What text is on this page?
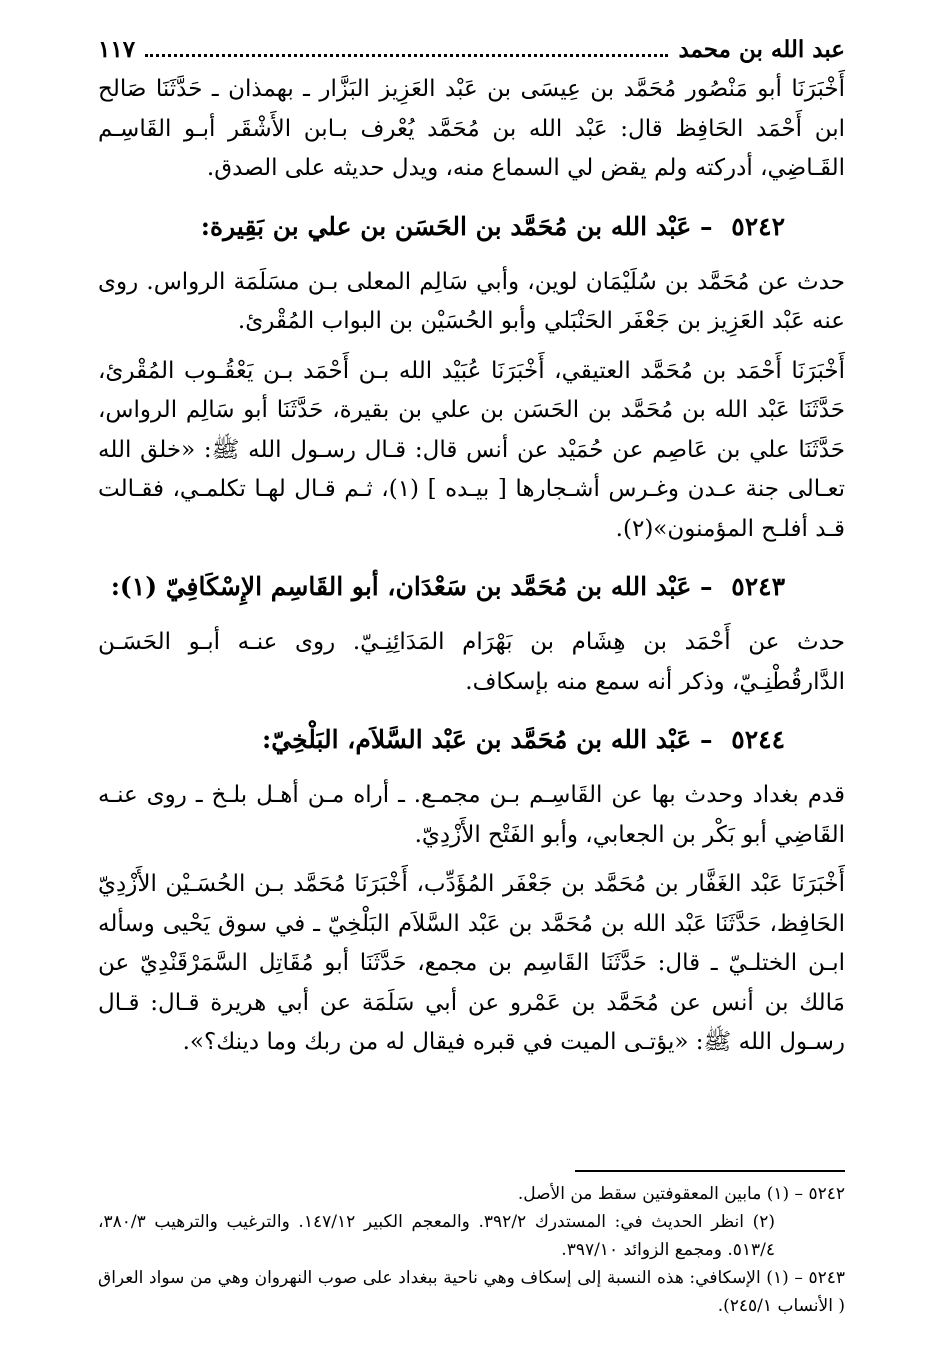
عبد الله بن محمد
١١٧

أَخْبَرَنَا أبو مَنْصُور مُحَمَّد بن عِيسَى بن عَبْد العَزِيز البَزَّار ـ بهمذان ـ حَدَّثَنَا صَالح ابن أَحْمَد الحَافِظ قال: عَبْد الله بن مُحَمَّد يُعْرف بـابن الأَشْقَر أبـو القَاسِـم القَـاضِي، أدركته ولم يقض لي السماع منه، ويدل حديثه على الصدق.

٥٢٤٢ – عَبْد الله بن مُحَمَّد بن الحَسَن بن علي بن بَقِيرة:

حدث عن مُحَمَّد بن سُلَيْمَان لوين، وأبي سَالِم المعلى بـن مسَلَمَة الرواس. روى عنه عَبْد العَزِيز بن جَعْفَر الحَنْبَلي وأبو الحُسَيْن بن البواب المُقْرئ.

أَخْبَرَنَا أَحْمَد بن مُحَمَّد العتيقي، أَخْبَرَنَا عُبَيْد الله بـن أَحْمَد بـن يَعْقُـوب المُقْرئ، حَدَّثَنَا عَبْد الله بن مُحَمَّد بن الحَسَن بن علي بن بقيرة، حَدَّثَنَا أبو سَالِم الرواس، حَدَّثَنَا علي بن عَاصِم عن حُمَيْد عن أنس قال: قـال رسـول الله ﷺ: «خلق الله تعـالى جنة عـدن وغـرس أشـجارها [ بيـده ] (١)، ثـم قـال لهـا تكلمـي، فقـالت قـد أفلـح المؤمنون»(٢).

٥٢٤٣ – عَبْد الله بن مُحَمَّد بن سَعْدَان، أبو القَاسِم الإِسْكَافِيّ (١):

حدث عن أَحْمَد بن هِشَام بن بَهْرَام المَدَائِنِـيّ. روى عنـه أبـو الحَسَـن الدَّارقُطْنِـيّ، وذكر أنه سمع منه بإسكاف.

٥٢٤٤ – عَبْد الله بن مُحَمَّد بن عَبْد السَّلاَم، البَلْخِيّ:

قدم بغداد وحدث بها عن القَاسِـم بـن مجمـع. ـ أراه مـن أهـل بلـخ ـ روى عنـه القَاضِي أبو بَكْر بن الجعابي، وأبو الفَتْح الأَزْدِيّ.

أَخْبَرَنَا عَبْد الغَفَّار بن مُحَمَّد بن جَعْفَر المُؤَدِّب، أَخْبَرَنَا مُحَمَّد بـن الحُسَـيْن الأَزْدِيّ الحَافِظ، حَدَّثَنَا عَبْد الله بن مُحَمَّد بن عَبْد السَّلاَم البَلْخِيّ ـ في سوق يَحْيى وسأله ابـن الختلـيّ ـ قال: حَدَّثَنَا القَاسِم بن مجمع، حَدَّثَنَا أبو مُقَاتِل السَّمَرْقَنْدِيّ عن مَالك بن أنس عن مُحَمَّد بن عَمْرو عن أبي سَلَمَة عن أبي هريرة قـال: قـال رسـول الله ﷺ: «يؤتـى الميت في قبره فيقال له من ربك وما دينك؟».

٥٢٤٢ – (١) مابين المعقوفتين سقط من الأصل.

(٢) انظر الحديث في: المستدرك ٣٩٢/٢. والمعجم الكبير ١٤٧/١٢. والترغيب والترهيب ٣٨٠/٣، ٥١٣/٤. ومجمع الزوائد ٣٩٧/١٠.

٥٢٤٣ – (١) الإسكافي: هذه النسبة إلى إسكاف وهي ناحية ببغداد على صوب النهروان وهي من سواد العراق ( الأنساب ٢٤٥/١).
